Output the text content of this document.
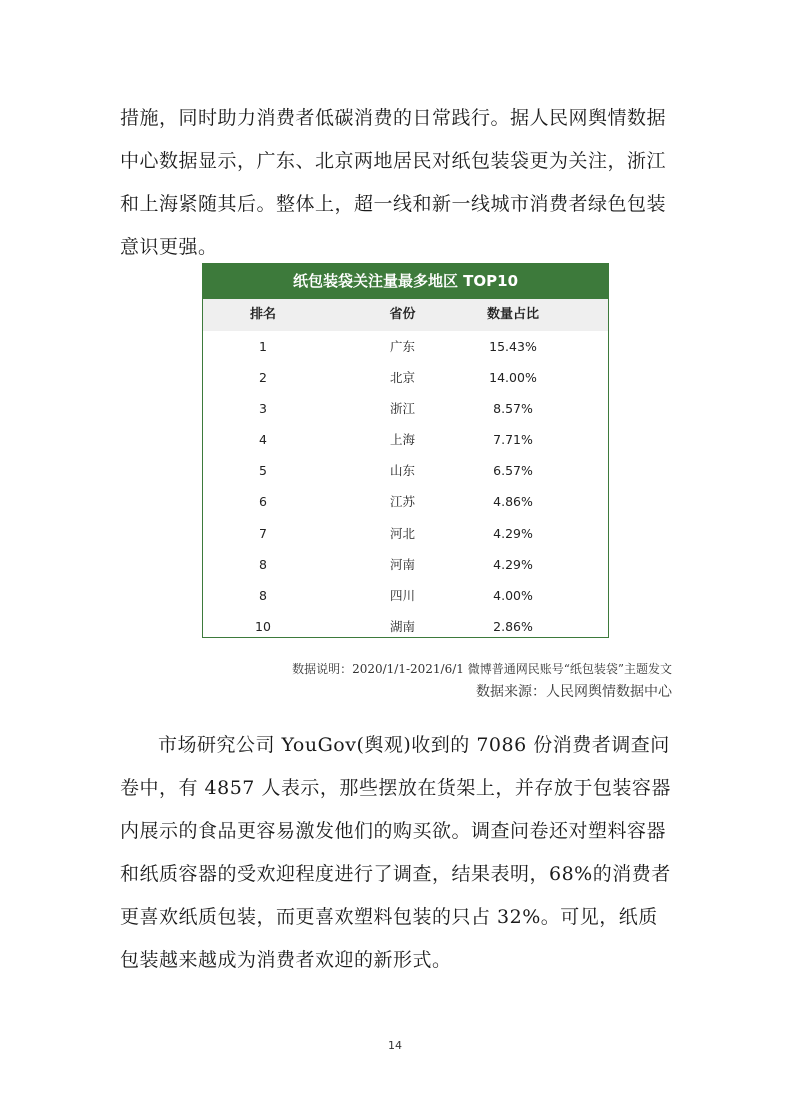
措施，同时助力消费者低碳消费的日常践行。据人民网舆情数据中心数据显示，广东、北京两地居民对纸包装袋更为关注，浙江和上海紧随其后。整体上，超一线和新一线城市消费者绿色包装意识更强。

纸包装袋关注量最多地区 TOP10
排名	省份	数量占比
1	广东	15.43%
2	北京	14.00%
3	浙江	8.57%
4	上海	7.71%
5	山东	6.57%
6	江苏	4.86%
7	河北	4.29%
8	河南	4.29%
8	四川	4.00%
10	湖南	2.86%
数据说明：2020/1/1-2021/6/1 微博普通网民账号“纸包装袋”主题发文
数据来源：人民网舆情数据中心

市场研究公司 YouGov(舆观)收到的 7086 份消费者调查问卷中，有 4857 人表示，那些摆放在货架上，并存放于包装容器内展示的食品更容易激发他们的购买欲。调查问卷还对塑料容器和纸质容器的受欢迎程度进行了调查，结果表明，68%的消费者更喜欢纸质包装，而更喜欢塑料包装的只占 32%。可见，纸质包装越来越成为消费者欢迎的新形式。

14
